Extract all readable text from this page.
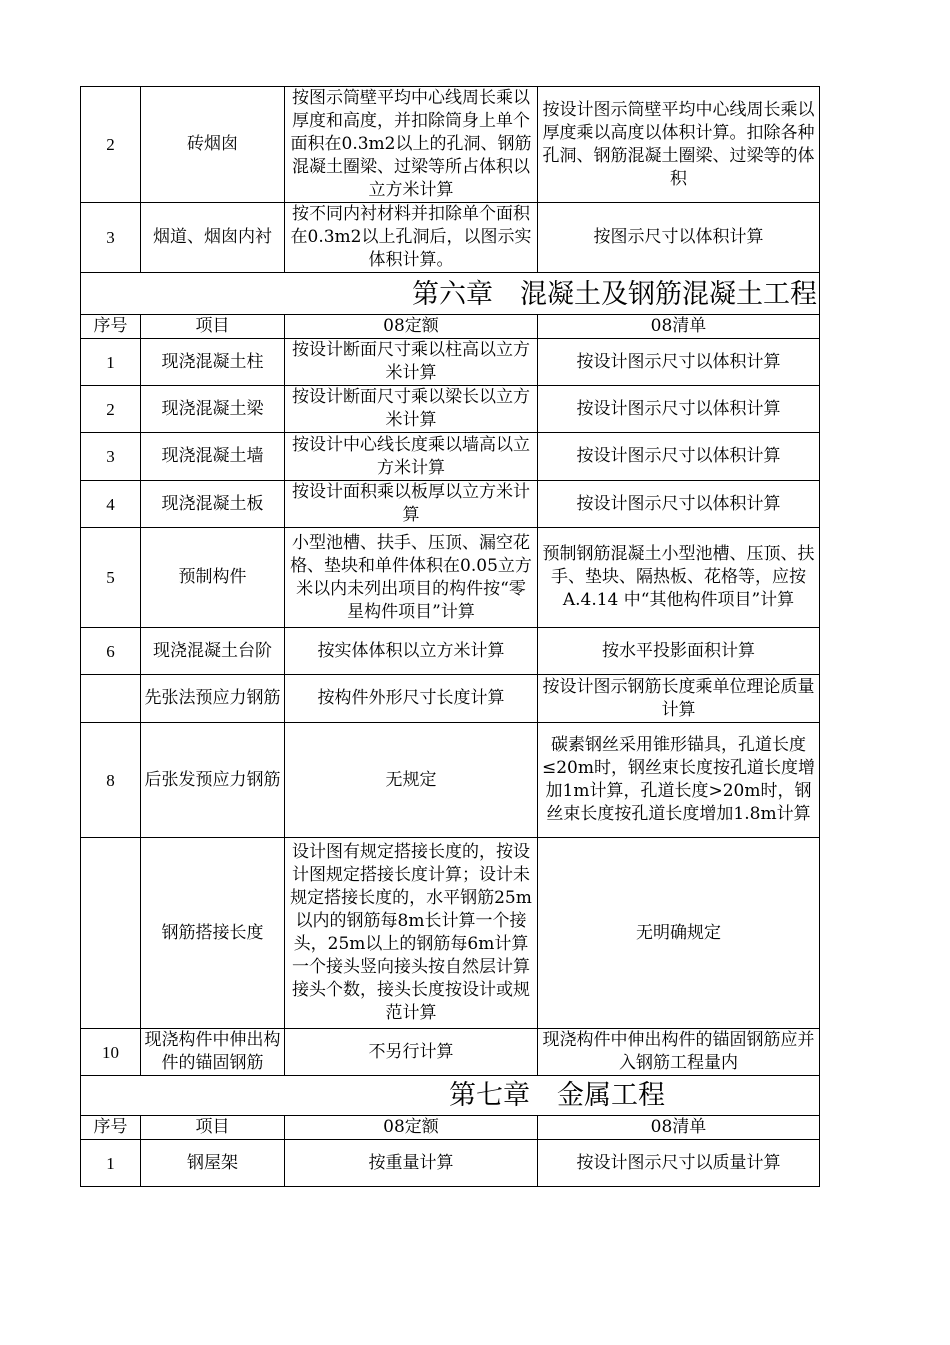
2	砖烟囱	按图示筒壁平均中心线周长乘以厚度和高度，并扣除筒身上单个面积在0.3m2以上的孔洞、钢筋混凝土圈梁、过梁等所占体积以立方米计算	按设计图示筒壁平均中心线周长乘以厚度乘以高度以体积计算。扣除各种孔洞、钢筋混凝土圈梁、过梁等的体积
3	烟道、烟囱内衬	按不同内衬材料并扣除单个面积在0.3m2以上孔洞后，以图示实体积计算。	按图示尺寸以体积计算
第六章　混凝土及钢筋混凝土工程			
序号	项目	08定额	08清单
1	现浇混凝土柱	按设计断面尺寸乘以柱高以立方米计算	按设计图示尺寸以体积计算
2	现浇混凝土梁	按设计断面尺寸乘以梁长以立方米计算	按设计图示尺寸以体积计算
3	现浇混凝土墙	按设计中心线长度乘以墙高以立方米计算	按设计图示尺寸以体积计算
4	现浇混凝土板	按设计面积乘以板厚以立方米计算	按设计图示尺寸以体积计算
5	预制构件	小型池槽、扶手、压顶、漏空花格、垫块和单件体积在0.05立方米以内未列出项目的构件按“零星构件项目”计算	预制钢筋混凝土小型池槽、压顶、扶手、垫块、隔热板、花格等，应按 A.4.14 中“其他构件项目”计算
6	现浇混凝土台阶	按实体体积以立方米计算	按水平投影面积计算
	先张法预应力钢筋	按构件外形尺寸长度计算	按设计图示钢筋长度乘单位理论质量计算
8	后张发预应力钢筋	无规定	碳素钢丝采用锥形锚具，孔道长度≤20m时，钢丝束长度按孔道长度增加1m计算，孔道长度>20m时，钢丝束长度按孔道长度增加1.8m计算
	钢筋搭接长度	设计图有规定搭接长度的，按设计图规定搭接长度计算；设计未规定搭接长度的，水平钢筋25m以内的钢筋每8m长计算一个接头，25m以上的钢筋每6m计算一个接头竖向接头按自然层计算接头个数，接头长度按设计或规范计算	无明确规定
10	现浇构件中伸出构件的锚固钢筋	不另行计算	现浇构件中伸出构件的锚固钢筋应并入钢筋工程量内
第七章　金属工程			
序号	项目	08定额	08清单
1	钢屋架	按重量计算	按设计图示尺寸以质量计算
